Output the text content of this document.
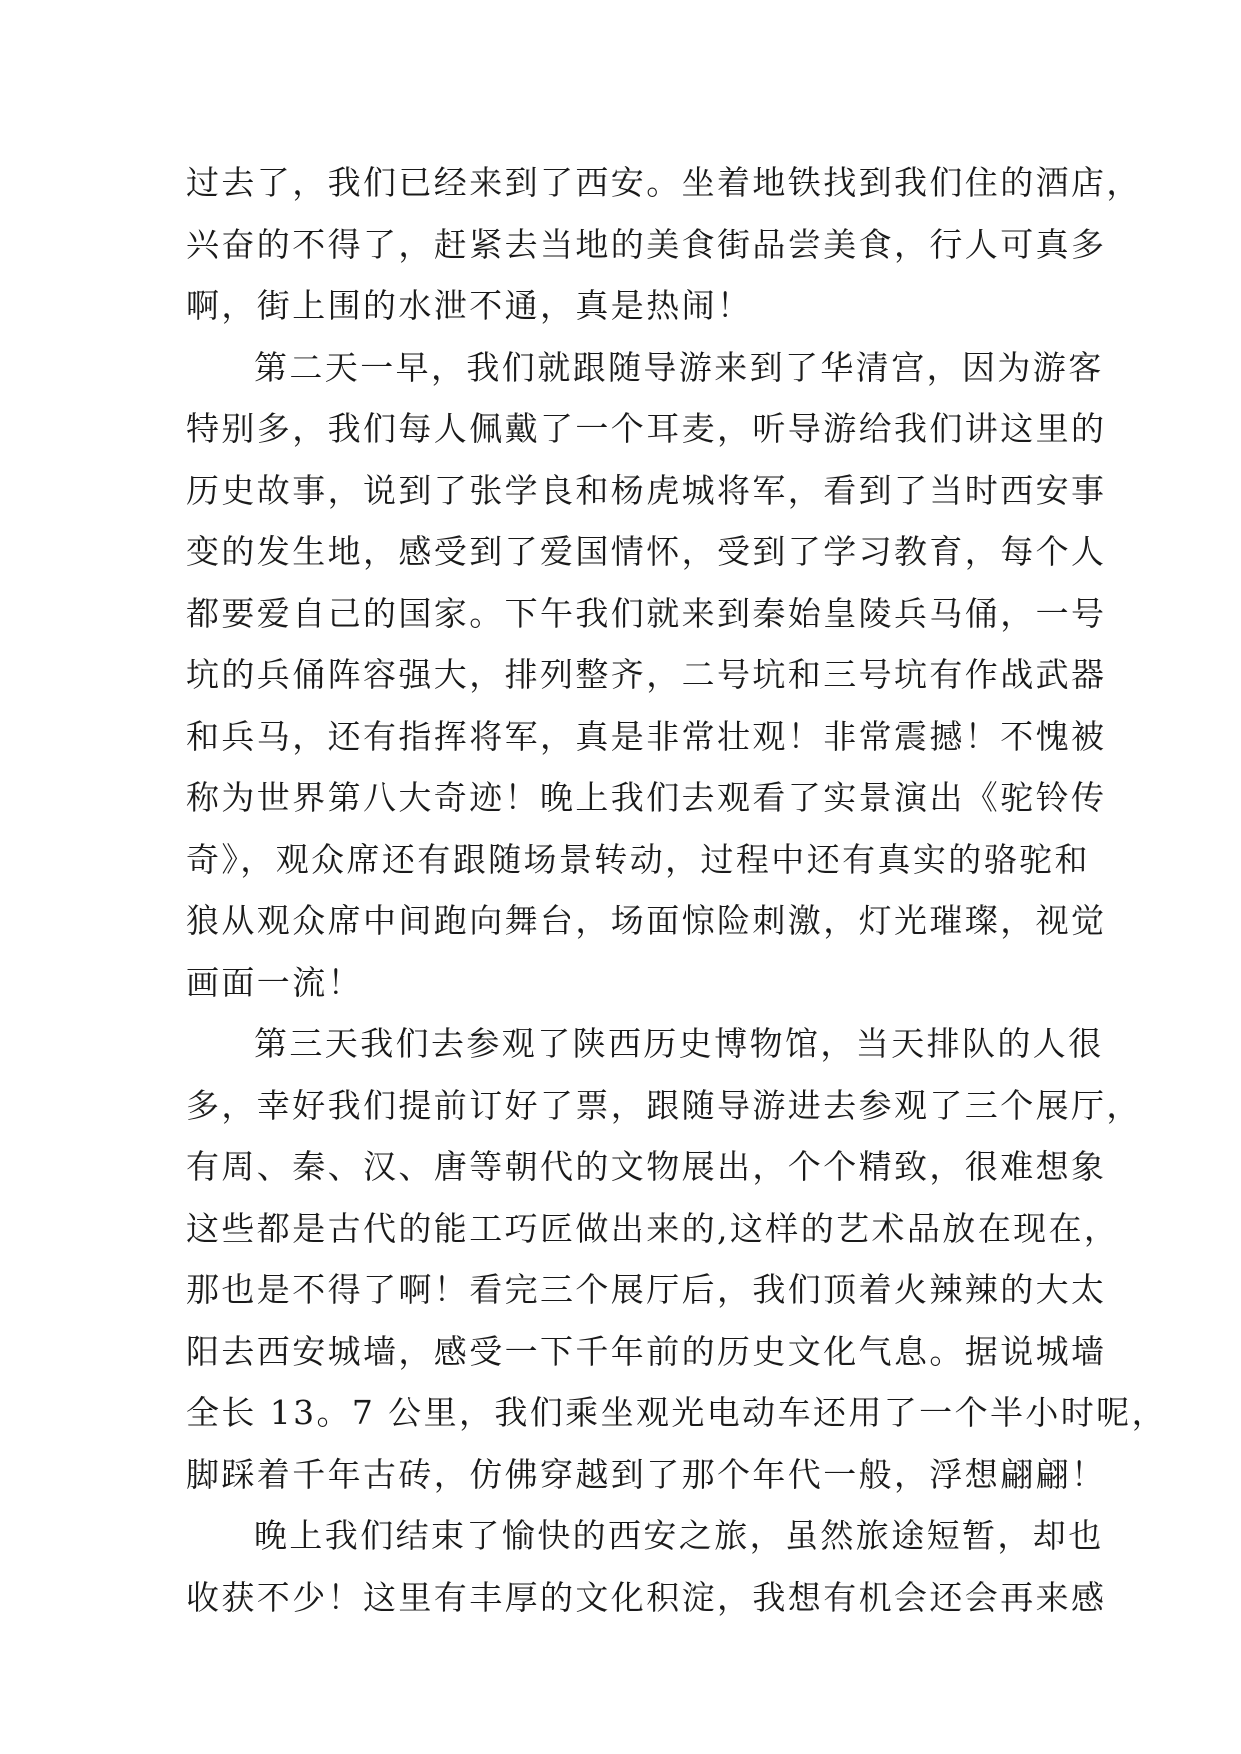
过去了，我们已经来到了西安。坐着地铁找到我们住的酒店，
兴奋的不得了，赶紧去当地的美食街品尝美食，行人可真多
啊，街上围的水泄不通，真是热闹！
第二天一早，我们就跟随导游来到了华清宫，因为游客
特别多，我们每人佩戴了一个耳麦，听导游给我们讲这里的
历史故事，说到了张学良和杨虎城将军，看到了当时西安事
变的发生地，感受到了爱国情怀，受到了学习教育，每个人
都要爱自己的国家。下午我们就来到秦始皇陵兵马俑，一号
坑的兵俑阵容强大，排列整齐，二号坑和三号坑有作战武器
和兵马，还有指挥将军，真是非常壮观！非常震撼！不愧被
称为世界第八大奇迹！晚上我们去观看了实景演出《驼铃传
奇》，观众席还有跟随场景转动，过程中还有真实的骆驼和
狼从观众席中间跑向舞台，场面惊险刺激，灯光璀璨，视觉
画面一流！
第三天我们去参观了陕西历史博物馆，当天排队的人很
多，幸好我们提前订好了票，跟随导游进去参观了三个展厅，
有周、秦、汉、唐等朝代的文物展出，个个精致，很难想象
这些都是古代的能工巧匠做出来的,这样的艺术品放在现在，
那也是不得了啊！看完三个展厅后，我们顶着火辣辣的大太
阳去西安城墙，感受一下千年前的历史文化气息。据说城墙
全长 13。7 公里，我们乘坐观光电动车还用了一个半小时呢，
脚踩着千年古砖，仿佛穿越到了那个年代一般，浮想翩翩！
晚上我们结束了愉快的西安之旅，虽然旅途短暂，却也
收获不少！这里有丰厚的文化积淀，我想有机会还会再来感
